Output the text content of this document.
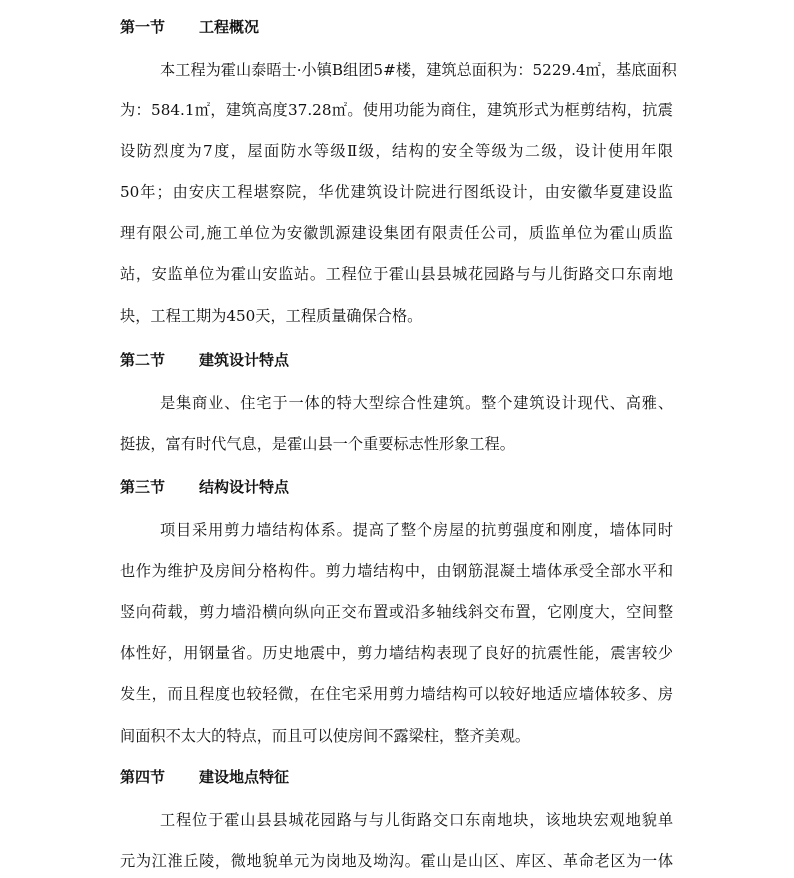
第一节 工程概况
本工程为霍山泰晤士·小镇B组团5#楼，建筑总面积为：5229.4㎡，基底面积
为：584.1㎡，建筑高度37.28㎡。使用功能为商住，建筑形式为框剪结构，抗震
设防烈度为7度，屋面防水等级Ⅱ级，结构的安全等级为二级，设计使用年限
50年；由安庆工程堪察院，华优建筑设计院进行图纸设计，由安徽华夏建设监
理有限公司,施工单位为安徽凯源建设集团有限责任公司，质监单位为霍山质监
站，安监单位为霍山安监站。工程位于霍山县县城花园路与与儿街路交口东南地
块，工程工期为450天，工程质量确保合格。
第二节 建筑设计特点
是集商业、住宅于一体的特大型综合性建筑。整个建筑设计现代、高雅、
挺拔，富有时代气息，是霍山县一个重要标志性形象工程。
第三节 结构设计特点
项目采用剪力墙结构体系。提高了整个房屋的抗剪强度和刚度，墙体同时
也作为维护及房间分格构件。剪力墙结构中，由钢筋混凝土墙体承受全部水平和
竖向荷载，剪力墙沿横向纵向正交布置或沿多轴线斜交布置，它刚度大，空间整
体性好，用钢量省。历史地震中，剪力墙结构表现了良好的抗震性能，震害较少
发生，而且程度也较轻微，在住宅采用剪力墙结构可以较好地适应墙体较多、房
间面积不太大的特点，而且可以使房间不露梁柱，整齐美观。
第四节 建设地点特征
工程位于霍山县县城花园路与与儿街路交口东南地块，该地块宏观地貌单
元为江淮丘陵，微地貌单元为岗地及坳沟。霍山是山区、库区、革命老区为一体
